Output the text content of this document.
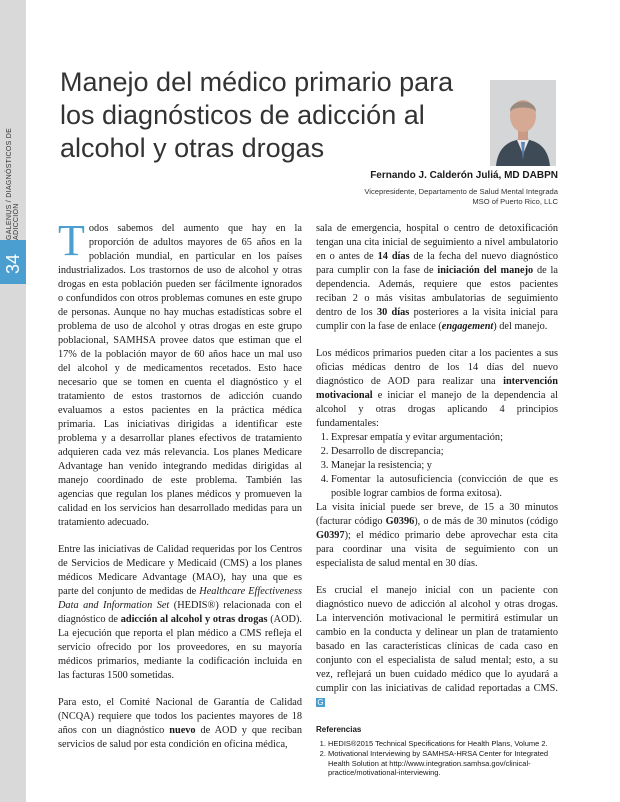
GALENUS / DIAGNÓSTICOS DE ADICCIÓN
34
Manejo del médico primario para los diagnósticos de adicción al alcohol y otras drogas
Fernando J. Calderón Juliá, MD DABPN
Vicepresidente, Departamento de Salud Mental Integrada
MSO of Puerto Rico, LLC

Todos sabemos del aumento que hay en la proporción de adultos mayores de 65 años en la población mundial, en particular en los países industrializados. Los trastornos de uso de alcohol y otras drogas en esta población pueden ser fácilmente ignorados o confundidos con otros problemas comunes en este grupo de personas. Aunque no hay muchas estadísticas sobre el problema de uso de alcohol y otras drogas en este grupo poblacional, SAMHSA provee datos que estiman que el 17% de la población mayor de 60 años hace un mal uso del alcohol y de medicamentos recetados. Esto hace necesario que se tomen en cuenta el diagnóstico y el tratamiento de estos trastornos de adicción cuando evaluamos a estos pacientes en la práctica médica primaria. Las iniciativas dirigidas a identificar este problema y a desarrollar planes efectivos de tratamiento adquieren cada vez más relevancia. Los planes Medicare Advantage han venido integrando medidas dirigidas al manejo coordinado de este problema. También las agencias que regulan los planes médicos y promueven la calidad en los servicios han desarrollado medidas para un tratamiento adecuado.

Entre las iniciativas de Calidad requeridas por los Centros de Servicios de Medicare y Medicaid (CMS) a los planes médicos Medicare Advantage (MAO), hay una que es parte del conjunto de medidas de Healthcare Effectiveness Data and Information Set (HEDIS®) relacionada con el diagnóstico de adicción al alcohol y otras drogas (AOD). La ejecución que reporta el plan médico a CMS refleja el servicio ofrecido por los proveedores, en su mayoría médicos primarios, mediante la codificación incluida en las facturas 1500 sometidas.

Para esto, el Comité Nacional de Garantía de Calidad (NCQA) requiere que todos los pacientes mayores de 18 años con un diagnóstico nuevo de AOD y que reciban servicios de salud por esta condición en oficina médica,

sala de emergencia, hospital o centro de detoxificación tengan una cita inicial de seguimiento a nivel ambulatorio en o antes de 14 días de la fecha del nuevo diagnóstico para cumplir con la fase de iniciación del manejo de la dependencia. Además, requiere que estos pacientes reciban 2 o más visitas ambulatorias de seguimiento dentro de los 30 días posteriores a la visita inicial para cumplir con la fase de enlace (engagement) del manejo.

Los médicos primarios pueden citar a los pacientes a sus oficias médicas dentro de los 14 días del nuevo diagnóstico de AOD para realizar una intervención motivacional e iniciar el manejo de la dependencia al alcohol y otras drogas aplicando 4 principios fundamentales:

1. Expresar empatía y evitar argumentación;
2. Desarrollo de discrepancia;
3. Manejar la resistencia; y
4. Fomentar la autosuficiencia (convicción de que es posible lograr cambios de forma exitosa).

La visita inicial puede ser breve, de 15 a 30 minutos (facturar código G0396), o de más de 30 minutos (código G0397); el médico primario debe aprovechar esta cita para coordinar una visita de seguimiento con un especialista de salud mental en 30 días.

Es crucial el manejo inicial con un paciente con diagnóstico nuevo de adicción al alcohol y otras drogas. La intervención motivacional le permitirá estimular un cambio en la conducta y delinear un plan de tratamiento basado en las características clínicas de cada caso en conjunto con el especialista de salud mental; esto, a su vez, reflejará un buen cuidado médico que lo ayudará a cumplir con las iniciativas de calidad reportadas a CMS. G

Referencias
1. HEDIS®2015 Technical Specifications for Health Plans, Volume 2.
2. Motivational Interviewing by SAMHSA-HRSA Center for Integrated Health Solution at http://www.integration.samhsa.gov/clinical-practice/motivational-interviewing.
